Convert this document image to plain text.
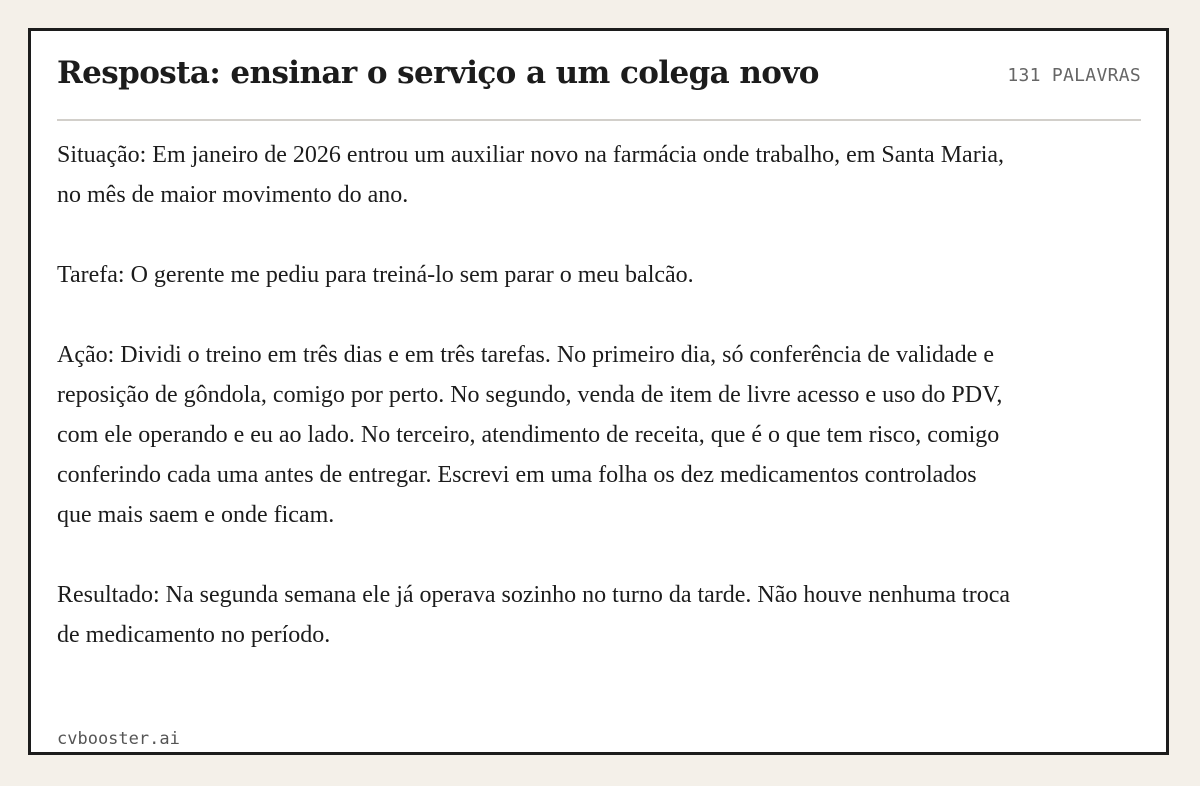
Resposta: ensinar o serviço a um colega novo	131 PALAVRAS

Situação: Em janeiro de 2026 entrou um auxiliar novo na farmácia onde trabalho, em Santa Maria, no mês de maior movimento do ano.

Tarefa: O gerente me pediu para treiná-lo sem parar o meu balcão.

Ação: Dividi o treino em três dias e em três tarefas. No primeiro dia, só conferência de validade e reposição de gôndola, comigo por perto. No segundo, venda de item de livre acesso e uso do PDV, com ele operando e eu ao lado. No terceiro, atendimento de receita, que é o que tem risco, comigo conferindo cada uma antes de entregar. Escrevi em uma folha os dez medicamentos controlados que mais saem e onde ficam.

Resultado: Na segunda semana ele já operava sozinho no turno da tarde. Não houve nenhuma troca de medicamento no período.

cvbooster.ai
